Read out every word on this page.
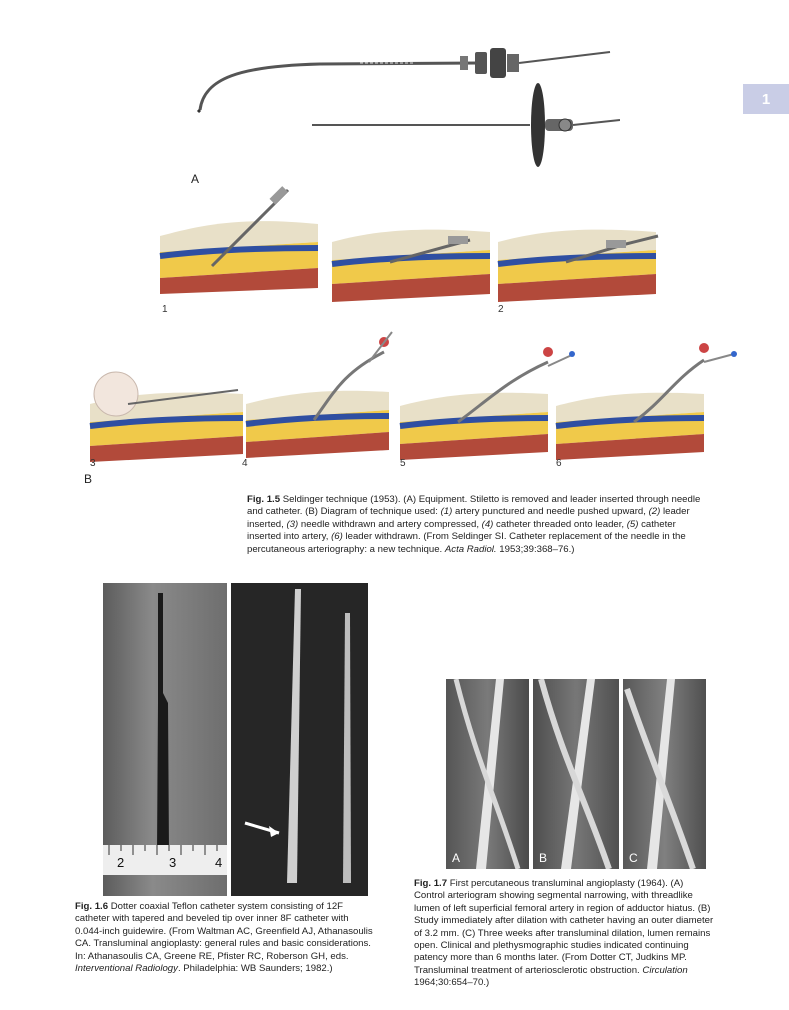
1
A
1	2
3	4	5	6
B
Fig. 1.5 Seldinger technique (1953). (A) Equipment. Stiletto is removed and leader inserted through needle and catheter. (B) Diagram of technique used: (1) artery punctured and needle pushed upward, (2) leader inserted, (3) needle withdrawn and artery compressed, (4) catheter threaded onto leader, (5) catheter inserted into artery, (6) leader withdrawn. (From Seldinger SI. Catheter replacement of the needle in the percutaneous arteriography: a new technique. Acta Radiol. 1953;39:368–76.)
2	3	4
Fig. 1.6 Dotter coaxial Teflon catheter system consisting of 12F catheter with tapered and beveled tip over inner 8F catheter with 0.044-inch guidewire. (From Waltman AC, Greenfield AJ, Athanasoulis CA. Transluminal angioplasty: general rules and basic considerations. In: Athanasoulis CA, Greene RE, Pfister RC, Roberson GH, eds. Interventional Radiology. Philadelphia: WB Saunders; 1982.)
A	B	C
Fig. 1.7 First percutaneous transluminal angioplasty (1964). (A) Control arteriogram showing segmental narrowing, with threadlike lumen of left superficial femoral artery in region of adductor hiatus. (B) Study immediately after dilation with catheter having an outer diameter of 3.2 mm. (C) Three weeks after transluminal dilation, lumen remains open. Clinical and plethysmographic studies indicated continuing patency more than 6 months later. (From Dotter CT, Judkins MP. Transluminal treatment of arteriosclerotic obstruction. Circulation 1964;30:654–70.)
